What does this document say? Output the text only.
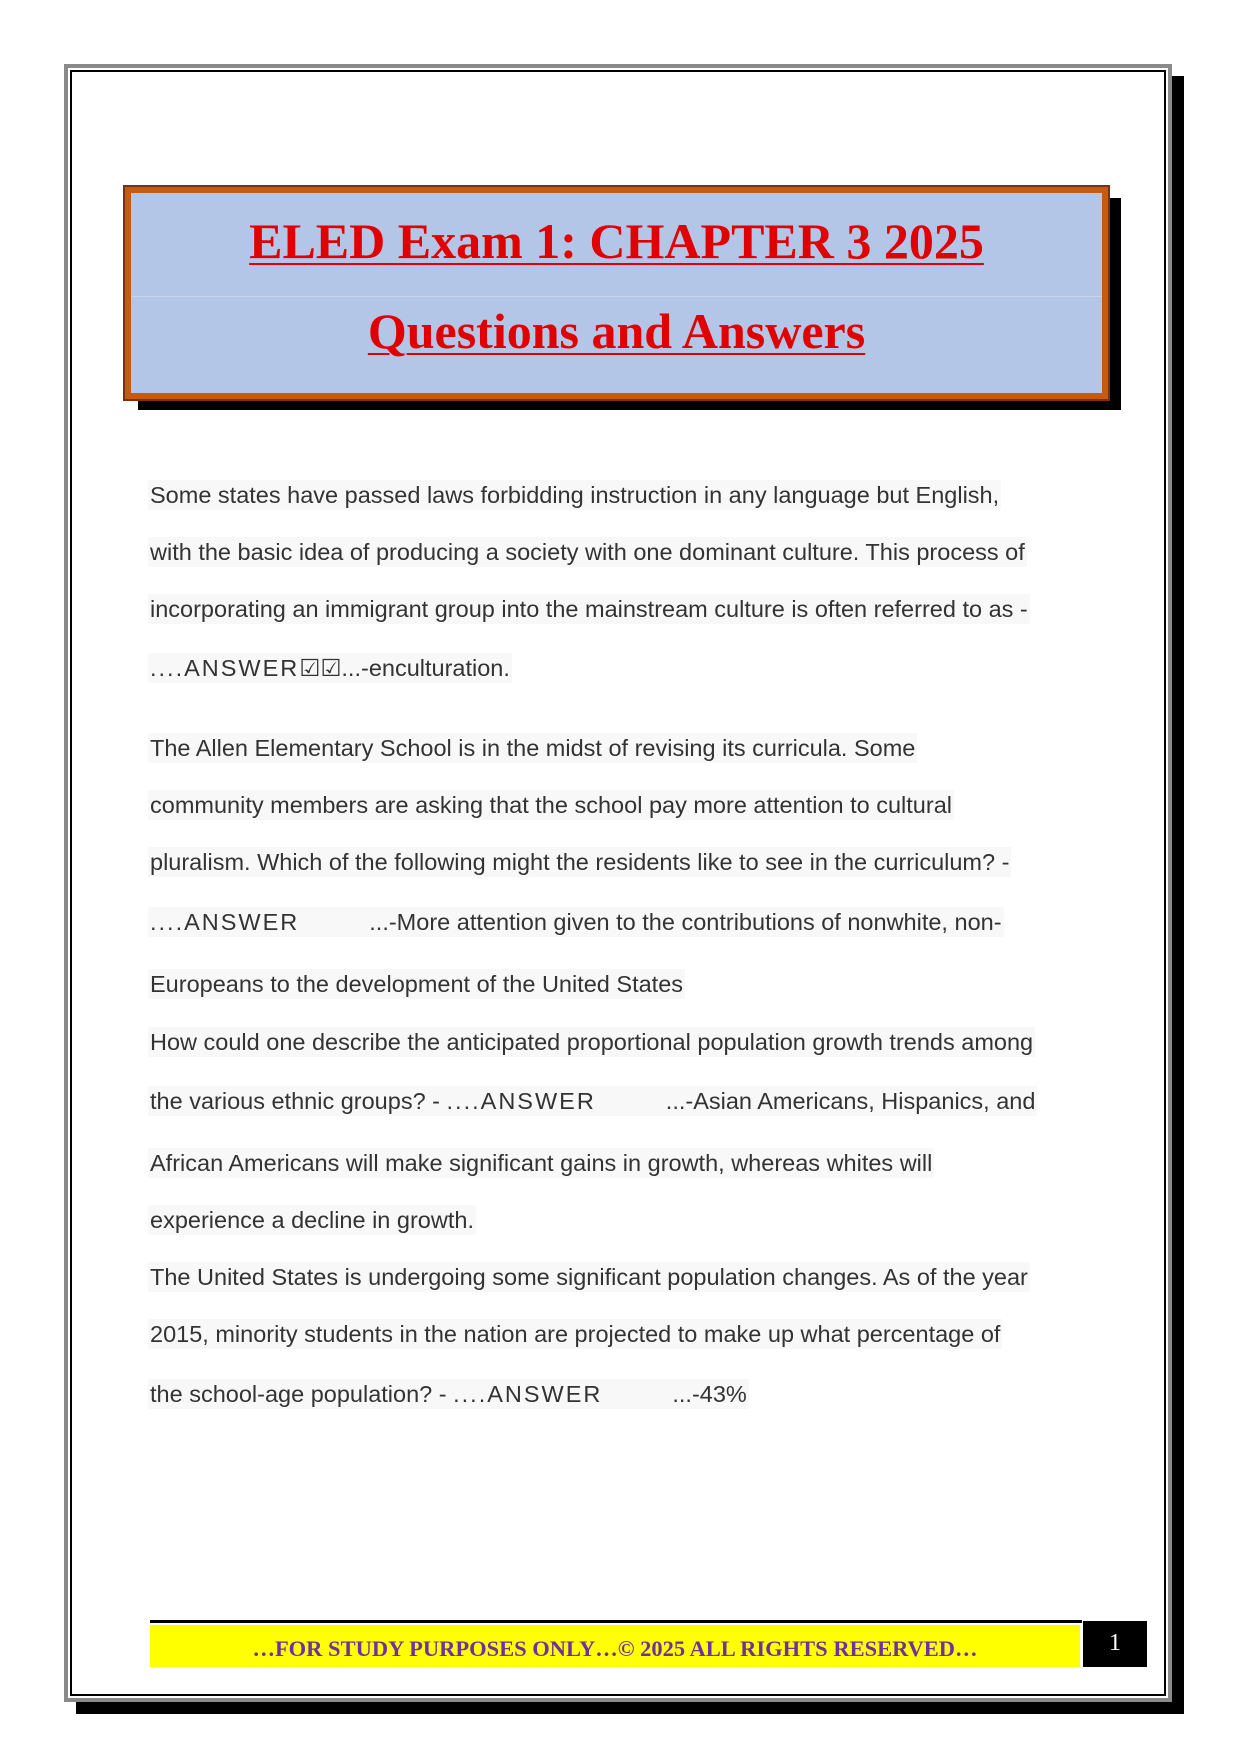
ELED Exam 1: CHAPTER 3 2025
Questions and Answers
Some states have passed laws forbidding instruction in any language but English,
with the basic idea of producing a society with one dominant culture. This process of
incorporating an immigrant group into the mainstream culture is often referred to as -
....ANSWER☑☑...-enculturation.
The Allen Elementary School is in the midst of revising its curricula. Some
community members are asking that the school pay more attention to cultural
pluralism. Which of the following might the residents like to see in the curriculum? -
....ANSWER	...-More attention given to the contributions of nonwhite, non-
Europeans to the development of the United States
How could one describe the anticipated proportional population growth trends among
the various ethnic groups? - ....ANSWER	...-Asian Americans, Hispanics, and
African Americans will make significant gains in growth, whereas whites will
experience a decline in growth.
The United States is undergoing some significant population changes. As of the year
2015, minority students in the nation are projected to make up what percentage of
the school-age population? - ....ANSWER	...-43%
…FOR STUDY PURPOSES ONLY…© 2025 ALL RIGHTS RESERVED…	1
